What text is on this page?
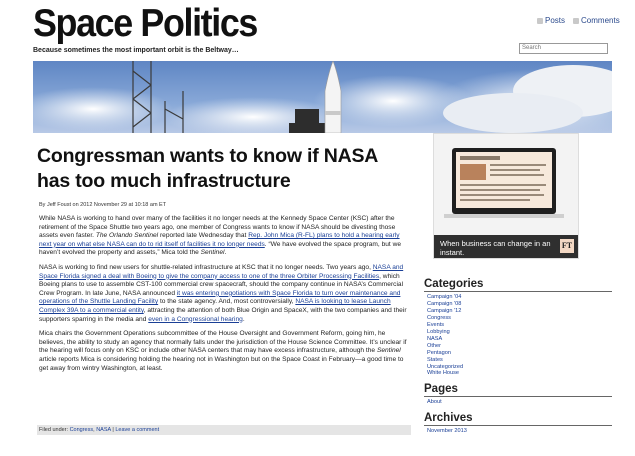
Space Politics
Because sometimes the most important orbit is the Beltway…
Posts Comments
Search
Congressman wants to know if NASA has too much infrastructure
By Jeff Foust on 2012 November 29 at 10:18 am ET

While NASA is working to hand over many of the facilities it no longer needs at the Kennedy Space Center (KSC) after the retirement of the Space Shuttle two years ago, one member of Congress wants to know if NASA should be divesting those assets even faster. The Orlando Sentinel reported late Wednesday that Rep. John Mica (R-FL) plans to hold a hearing early next year on what else NASA can do to rid itself of facilities it no longer needs. “We have evolved the space program, but we haven’t evolved the property and assets,” Mica told the Sentinel.

NASA is working to find new users for shuttle-related infrastructure at KSC that it no longer needs. Two years ago, NASA and Space Florida signed a deal with Boeing to give the company access to one of the three Orbiter Processing Facilities, which Boeing plans to use to assemble CST-100 commercial crew spacecraft, should the company continue in NASA’s Commercial Crew Program. In late June, NASA announced it was entering negotiations with Space Florida to turn over maintenance and operations of the Shuttle Landing Facility to the state agency. And, most controversially, NASA is looking to lease Launch Complex 39A to a commercial entity, attracting the attention of both Blue Origin and SpaceX, with the two companies and their supporters sparring in the media and even in a Congressional hearing.

Mica chairs the Government Operations subcommittee of the House Oversight and Government Reform, going him, he believes, the ability to study an agency that normally falls under the jurisdiction of the House Science Committee. It’s unclear if the hearing will focus only on KSC or include other NASA centers that may have excess infrastructure, although the Sentinel article reports Mica is considering holding the hearing not in Washington but on the Space Coast in February—a good time to get away from wintry Washington, at least.

Filed under: Congress, NASA | Leave a comment
When business can change in an instant.
FT
Categories
Campaign '04
Campaign '08
Campaign '12
Congress
Events
Lobbying
NASA
Other
Pentagon
States
Uncategorized
White House
Pages
About
Archives
November 2013
